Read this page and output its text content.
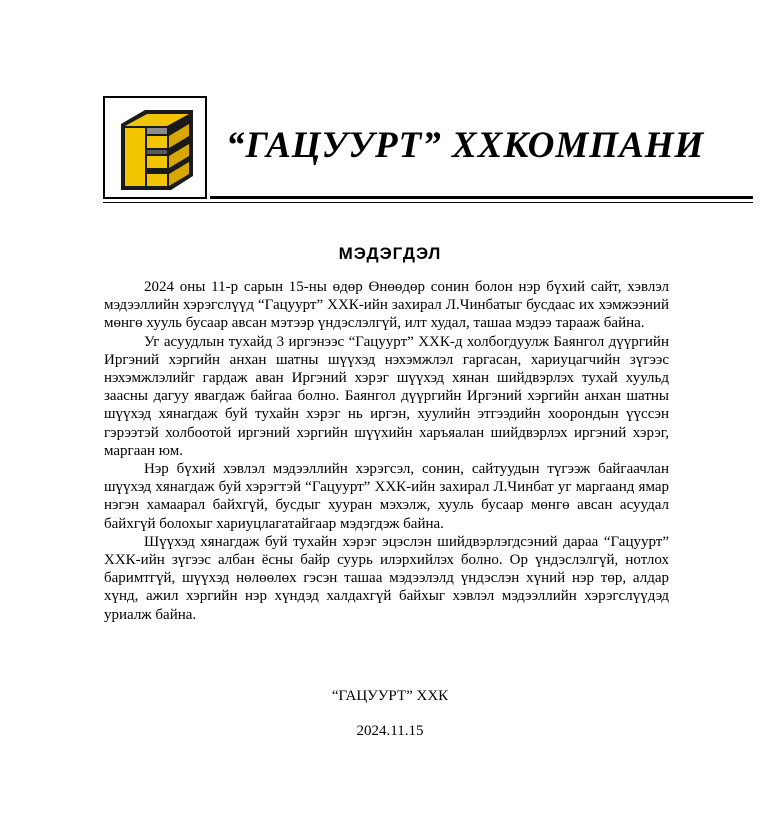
“ГАЦУУРТ” ХХКОМПАНИ
МЭДЭГДЭЛ

2024 оны 11-р сарын 15-ны өдөр Өнөөдөр сонин болон нэр бүхий сайт, хэвлэл мэдээллийн хэрэгслүүд “Гацуурт” ХХК-ийн захирал Л.Чинбатыг бусдаас их хэмжээний мөнгө хууль бусаар авсан мэтээр үндэслэлгүй, илт худал, ташаа мэдээ тарааж байна.

Уг асуудлын тухайд 3 иргэнээс “Гацуурт” ХХК-д холбогдуулж Баянгол дүүргийн Иргэний хэргийн анхан шатны шүүхэд нэхэмжлэл гаргасан, хариуцагчийн зүгээс нэхэмжлэлийг гардаж аван Иргэний хэрэг шүүхэд хянан шийдвэрлэх тухай хуульд заасны дагуу явагдаж байгаа болно. Баянгол дүүргийн Иргэний хэргийн анхан шатны шүүхэд хянагдаж буй тухайн хэрэг нь иргэн, хуулийн этгээдийн хоорондын үүссэн гэрээтэй холбоотой иргэний хэргийн шүүхийн харъяалан шийдвэрлэх иргэний хэрэг, маргаан юм.

Нэр бүхий хэвлэл мэдээллийн хэрэгсэл, сонин, сайтуудын түгээж байгаачлан шүүхэд хянагдаж буй хэрэгтэй “Гацуурт” ХХК-ийн захирал Л.Чинбат уг маргаанд ямар нэгэн хамаарал байхгүй, бусдыг хууран мэхэлж, хууль бусаар мөнгө авсан асуудал байхгүй болохыг хариуцлагатайгаар мэдэгдэж байна.

Шүүхэд хянагдаж буй тухайн хэрэг эцэслэн шийдвэрлэгдсэний дараа “Гацуурт” ХХК-ийн зүгээс албан ёсны байр суурь илэрхийлэх болно. Ор үндэслэлгүй, нотлох баримтгүй, шүүхэд нөлөөлөх гэсэн ташаа мэдээлэлд үндэслэн хүний нэр төр, алдар хүнд, ажил хэргийн нэр хүндэд халдахгүй байхыг хэвлэл мэдээллийн хэрэгслүүдэд уриалж байна.

“ГАЦУУРТ” ХХК
2024.11.15
